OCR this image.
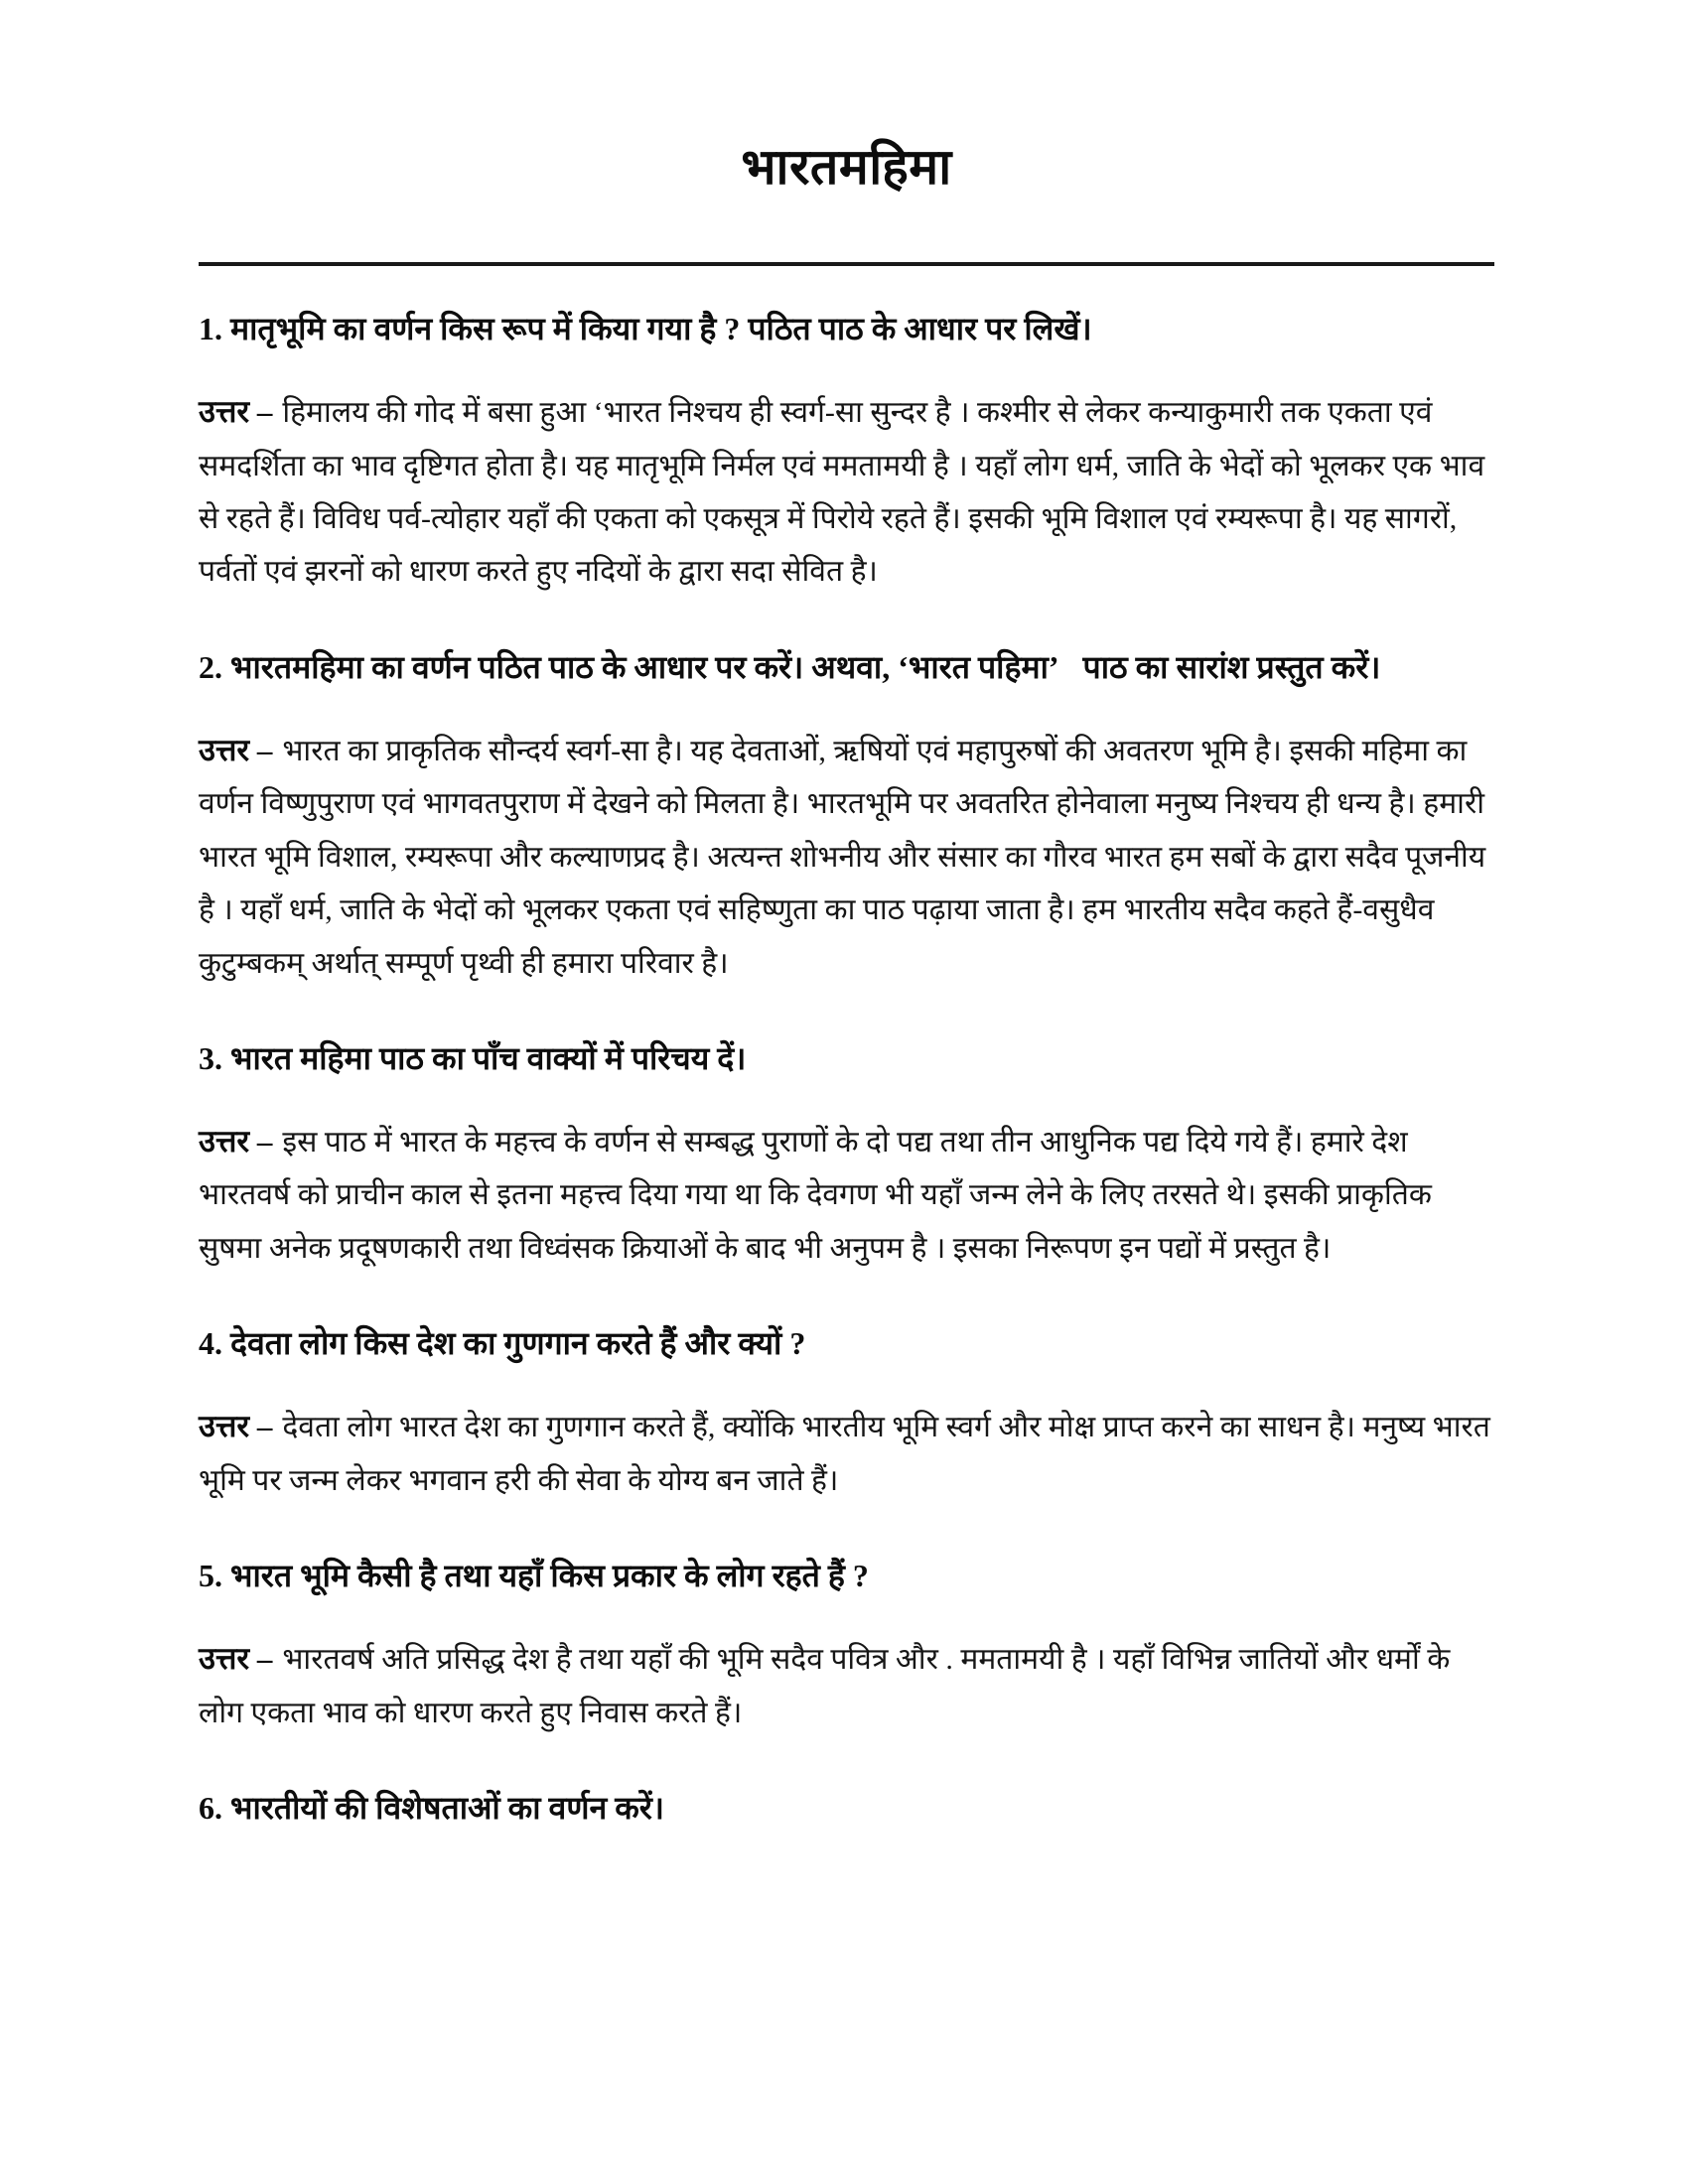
भारतमहिमा
1. मातृभूमि का वर्णन किस रूप में किया गया है ? पठित पाठ के आधार पर लिखें।

उत्तर – हिमालय की गोद में बसा हुआ ‘भारत निश्चय ही स्वर्ग-सा सुन्दर है । कश्मीर से लेकर कन्याकुमारी तक एकता एवं समदर्शिता का भाव दृष्टिगत होता है। यह मातृभूमि निर्मल एवं ममतामयी है । यहाँ लोग धर्म, जाति के भेदों को भूलकर एक भाव से रहते हैं। विविध पर्व-त्योहार यहाँ की एकता को एकसूत्र में पिरोये रहते हैं। इसकी भूमि विशाल एवं रम्यरूपा है। यह सागरों, पर्वतों एवं झरनों को धारण करते हुए नदियों के द्वारा सदा सेवित है।

2. भारतमहिमा का वर्णन पठित पाठ के आधार पर करें। अथवा, ‘भारत पहिमा’   पाठ का सारांश प्रस्तुत करें।

उत्तर – भारत का प्राकृतिक सौन्दर्य स्वर्ग-सा है। यह देवताओं, ऋषियों एवं महापुरुषों की अवतरण भूमि है। इसकी महिमा का वर्णन विष्णुपुराण एवं भागवतपुराण में देखने को मिलता है। भारतभूमि पर अवतरित होनेवाला मनुष्य निश्चय ही धन्य है। हमारी भारत भूमि विशाल, रम्यरूपा और कल्याणप्रद है। अत्यन्त शोभनीय और संसार का गौरव भारत हम सबों के द्वारा सदैव पूजनीय है । यहाँ धर्म, जाति के भेदों को भूलकर एकता एवं सहिष्णुता का पाठ पढ़ाया जाता है। हम भारतीय सदैव कहते हैं-वसुधैव कुटुम्बकम् अर्थात् सम्पूर्ण पृथ्वी ही हमारा परिवार है।

3. भारत महिमा पाठ का पाँच वाक्यों में परिचय दें।

उत्तर – इस पाठ में भारत के महत्त्व के वर्णन से सम्बद्ध पुराणों के दो पद्य तथा तीन आधुनिक पद्य दिये गये हैं। हमारे देश भारतवर्ष को प्राचीन काल से इतना महत्त्व दिया गया था कि देवगण भी यहाँ जन्म लेने के लिए तरसते थे। इसकी प्राकृतिक सुषमा अनेक प्रदूषणकारी तथा विध्वंसक क्रियाओं के बाद भी अनुपम है । इसका निरूपण इन पद्यों में प्रस्तुत है।

4. देवता लोग किस देश का गुणगान करते हैं और क्यों ?

उत्तर – देवता लोग भारत देश का गुणगान करते हैं, क्योंकि भारतीय भूमि स्वर्ग और मोक्ष प्राप्त करने का साधन है। मनुष्य भारत भूमि पर जन्म लेकर भगवान हरी की सेवा के योग्य बन जाते हैं।

5. भारत भूमि कैसी है तथा यहाँ किस प्रकार के लोग रहते हैं ?

उत्तर – भारतवर्ष अति प्रसिद्ध देश है तथा यहाँ की भूमि सदैव पवित्र और . ममतामयी है । यहाँ विभिन्न जातियों और धर्मों के लोग एकता भाव को धारण करते हुए निवास करते हैं।

6. भारतीयों की विशेषताओं का वर्णन करें।
